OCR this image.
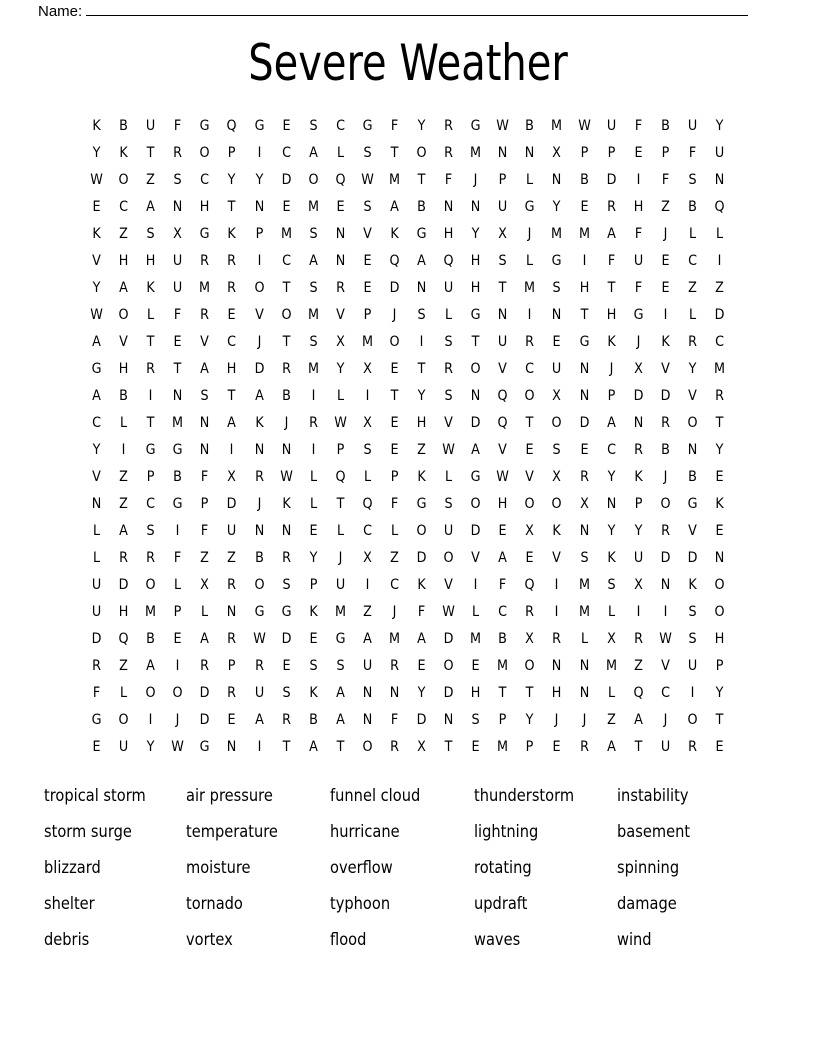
Name:
Severe Weather
K	B	U	F	G	Q	G	E	S	C	G	F	Y	R	G	W	B	M	W	U	F	B	U	Y
Y	K	T	R	O	P	I	C	A	L	S	T	O	R	M	N	N	X	P	P	E	P	F	U
W	O	Z	S	C	Y	Y	D	O	Q	W	M	T	F	J	P	L	N	B	D	I	F	S	N
E	C	A	N	H	T	N	E	M	E	S	A	B	N	N	U	G	Y	E	R	H	Z	B	Q
K	Z	S	X	G	K	P	M	S	N	V	K	G	H	Y	X	J	M	M	A	F	J	L	L
V	H	H	U	R	R	I	C	A	N	E	Q	A	Q	H	S	L	G	I	F	U	E	C	I
Y	A	K	U	M	R	O	T	S	R	E	D	N	U	H	T	M	S	H	T	F	E	Z	Z
W	O	L	F	R	E	V	O	M	V	P	J	S	L	G	N	I	N	T	H	G	I	L	D
A	V	T	E	V	C	J	T	S	X	M	O	I	S	T	U	R	E	G	K	J	K	R	C
G	H	R	T	A	H	D	R	M	Y	X	E	T	R	O	V	C	U	N	J	X	V	Y	M
A	B	I	N	S	T	A	B	I	L	I	T	Y	S	N	Q	O	X	N	P	D	D	V	R
C	L	T	M	N	A	K	J	R	W	X	E	H	V	D	Q	T	O	D	A	N	R	O	T
Y	I	G	G	N	I	N	N	I	P	S	E	Z	W	A	V	E	S	E	C	R	B	N	Y
V	Z	P	B	F	X	R	W	L	Q	L	P	K	L	G	W	V	X	R	Y	K	J	B	E
N	Z	C	G	P	D	J	K	L	T	Q	F	G	S	O	H	O	O	X	N	P	O	G	K
L	A	S	I	F	U	N	N	E	L	C	L	O	U	D	E	X	K	N	Y	Y	R	V	E
L	R	R	F	Z	Z	B	R	Y	J	X	Z	D	O	V	A	E	V	S	K	U	D	D	N
U	D	O	L	X	R	O	S	P	U	I	C	K	V	I	F	Q	I	M	S	X	N	K	O
U	H	M	P	L	N	G	G	K	M	Z	J	F	W	L	C	R	I	M	L	I	I	S	O
D	Q	B	E	A	R	W	D	E	G	A	M	A	D	M	B	X	R	L	X	R	W	S	H
R	Z	A	I	R	P	R	E	S	S	U	R	E	O	E	M	O	N	N	M	Z	V	U	P
F	L	O	O	D	R	U	S	K	A	N	N	Y	D	H	T	T	H	N	L	Q	C	I	Y
G	O	I	J	D	E	A	R	B	A	N	F	D	N	S	P	Y	J	J	Z	A	J	O	T
E	U	Y	W	G	N	I	T	A	T	O	R	X	T	E	M	P	E	R	A	T	U	R	E
tropical storm	air pressure	funnel cloud	thunderstorm	instability
storm surge	temperature	hurricane	lightning	basement
blizzard	moisture	overflow	rotating	spinning
shelter	tornado	typhoon	updraft	damage
debris	vortex	flood	waves	wind
